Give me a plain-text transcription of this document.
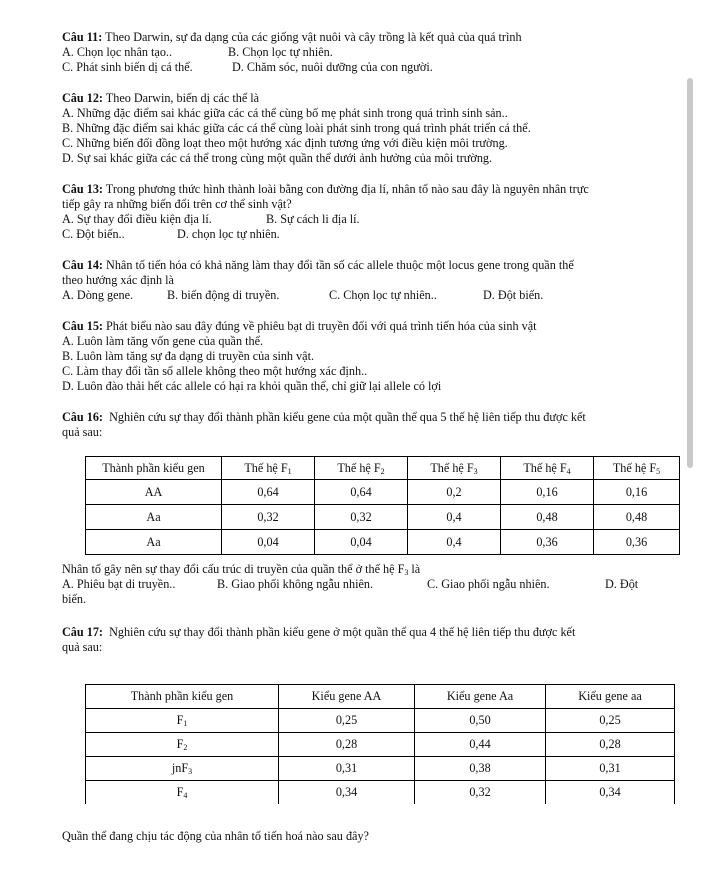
Câu 11: Theo Darwin, sự đa dạng của các giống vật nuôi và cây trồng là kết quả của quá trình

A. Chọn lọc nhân tạo..	B. Chọn lọc tự nhiên.

C. Phát sinh biến dị cá thể.	D. Chăm sóc, nuôi dưỡng của con người.

Câu 12: Theo Darwin, biến dị các thể là

A. Những đặc điểm sai khác giữa các cá thể cùng bố mẹ phát sinh trong quá trình sinh sản..

B. Những đặc điểm sai khác giữa các cá thể cùng loài phát sinh trong quá trình phát triển cá thể.

C. Những biến đổi đồng loạt theo một hướng xác định tương ứng với điều kiện môi trường.

D. Sự sai khác giữa các cá thể trong cùng một quần thể dưới ảnh hưởng của môi trường.

Câu 13: Trong phương thức hình thành loài bằng con đường địa lí, nhân tố nào sau đây là nguyên nhân trực

tiếp gây ra những biến đổi trên cơ thể sinh vật?

A. Sự thay đổi điều kiện địa lí.	B. Sự cách li địa lí.

C. Đột biến..	D. chọn lọc tự nhiên.

Câu 14: Nhân tố tiến hóa có khả năng làm thay đổi tần số các allele thuộc một locus gene trong quần thể

theo hướng xác định là

A. Dòng gene.	B. biến động di truyền.	C. Chọn lọc tự nhiên..	D. Đột biến.

Câu 15: Phát biểu nào sau đây đúng về phiêu bạt di truyền đối với quá trình tiến hóa của sinh vật

A. Luôn làm tăng vốn gene của quần thể.

B. Luôn làm tăng sự đa dạng di truyền của sinh vật.

C. Làm thay đổi tần số allele không theo một hướng xác định..

D. Luôn đào thải hết các allele có hại ra khỏi quần thể, chỉ giữ lại allele có lợi

Câu 16: Nghiên cứu sự thay đổi thành phần kiểu gene của một quần thể qua 5 thế hệ liên tiếp thu được kết

quả sau:

Thành phần kiểu gen	Thế hệ $F_1$	Thế hệ $F_2$	Thế hệ $F_3$	Thế hệ $F_4$	Thế hệ $F_5$
AA	0,64	0,64	0,2	0,16	0,16
Aa	0,32	0,32	0,4	0,48	0,48
Aa	0,04	0,04	0,4	0,36	0,36

Nhân tố gây nên sự thay đổi cấu trúc di truyền của quần thể ở thế hệ $F_3$ là

A. Phiêu bạt di truyền..	B. Giao phối không ngẫu nhiên.	C. Giao phối ngẫu nhiên.	D. Đột

biến.

Câu 17: Nghiên cứu sự thay đổi thành phần kiểu gene ở một quần thể qua 4 thế hệ liên tiếp thu được kết

quả sau:

Thành phần kiểu gen	Kiểu gene AA	Kiểu gene Aa	Kiểu gene aa
$F_1$	0,25	0,50	0,25
$F_2$	0,28	0,44	0,28
jnF$_3$	0,31	0,38	0,31
$F_4$	0,34	0,32	0,34

Quần thể đang chịu tác động của nhân tố tiến hoá nào sau đây?
